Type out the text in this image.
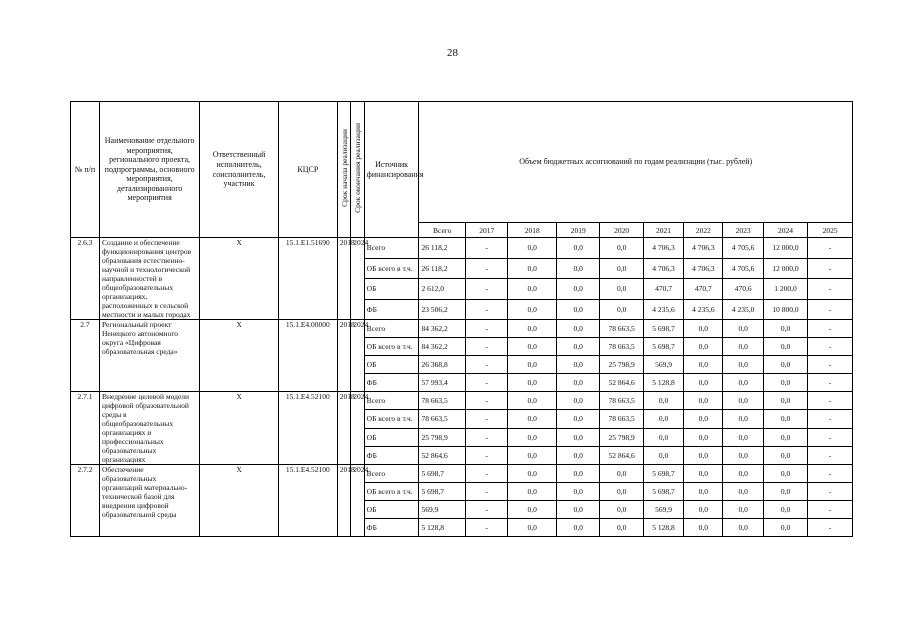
28
№ п/п	Наименование отдельного мероприятия, регионального проекта, подпрограммы, основного мероприятия, детализированного мероприятия	Ответственный исполнитель, соисполнитель, участник	КЦСР	Срок начала реализации	Срок окончания реализации	Источник финансирования	Объем бюджетных ассигнований по годам реализации (тыс. рублей)									
							Всего	2017	2018	2019	2020	2021	2022	2023	2024	2025
2.6.3	Создание и обеспечение функционирования центров образования естественно-научной и технологической направленностей в общеобразовательных организациях, расположенных в сельской местности и малых городах	X	15.1.Е1.51690	2018	2024	Всего	26 118,2	-	0,0	0,0	0,0	4 706,3	4 706,3	4 705,6	12 000,0	-
						ОБ всего в т.ч.	26 118,2	-	0,0	0,0	0,0	4 706,3	4 706,3	4 705,6	12 000,0	-
						ОБ	2 612,0	-	0,0	0,0	0,0	470,7	470,7	470,6	1 200,0	-
						ФБ	23 506,2	-	0,0	0,0	0,0	4 235,6	4 235,6	4 235,0	10 800,0	-
2.7	Региональный проект Ненецкого автономного округа «Цифровая образовательная среда»	X	15.1.Е4.00000	2018	2024	Всего	84 362,2	-	0,0	0,0	78 663,5	5 698,7	0,0	0,0	0,0	-
						ОБ всего в т.ч.	84 362,2	-	0,0	0,0	78 663,5	5 698,7	0,0	0,0	0,0	-
						ОБ	26 368,8	-	0,0	0,0	25 798,9	569,9	0,0	0,0	0,0	-
						ФБ	57 993,4	-	0,0	0,0	52 864,6	5 128,8	0,0	0,0	0,0	-
2.7.1	Внедрение целевой модели цифровой образовательной среды в общеобразовательных организациях и профессиональных образовательных организациях	X	15.1.Е4.52100	2018	2024	Всего	78 663,5	-	0,0	0,0	78 663,5	0,0	0,0	0,0	0,0	-
						ОБ всего в т.ч.	78 663,5	-	0,0	0,0	78 663,5	0,0	0,0	0,0	0,0	-
						ОБ	25 798,9	-	0,0	0,0	25 798,9	0,0	0,0	0,0	0,0	-
						ФБ	52 864,6	-	0,0	0,0	52 864,6	0,0	0,0	0,0	0,0	-
2.7.2	Обеспечение образовательных организаций материально-технической базой для внедрения цифровой образовательной среды	X	15.1.Е4.52100	2018	2024	Всего	5 698,7	-	0,0	0,0	0,0	5 698,7	0,0	0,0	0,0	-
						ОБ всего в т.ч.	5 698,7	-	0,0	0,0	0,0	5 698,7	0,0	0,0	0,0	-
						ОБ	569,9	-	0,0	0,0	0,0	569,9	0,0	0,0	0,0	-
						ФБ	5 128,8	-	0,0	0,0	0,0	5 128,8	0,0	0,0	0,0	-
